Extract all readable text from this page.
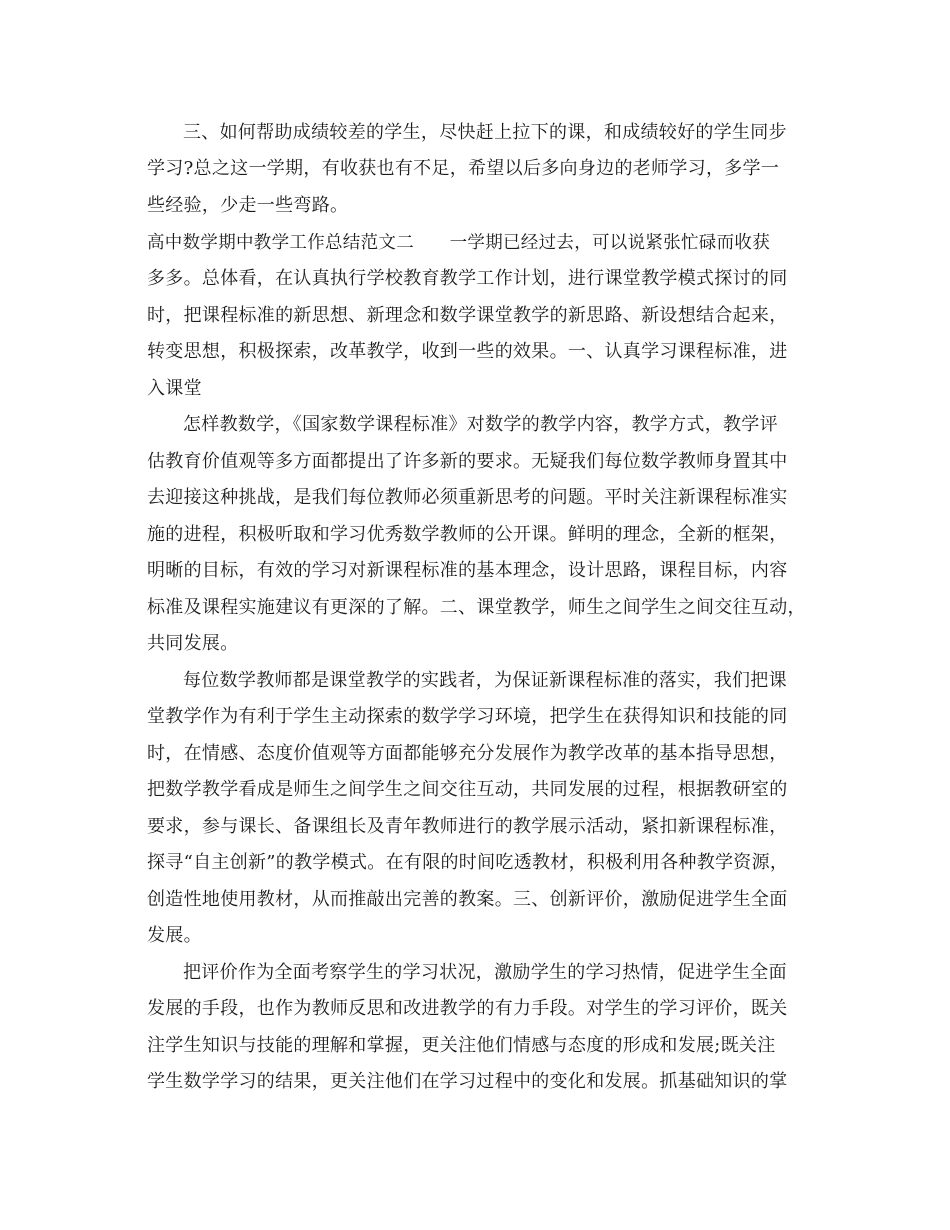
三、如何帮助成绩较差的学生，尽快赶上拉下的课，和成绩较好的学生同步
学习?总之这一学期，有收获也有不足，希望以后多向身边的老师学习，多学一
些经验，少走一些弯路。
高中数学期中教学工作总结范文二　　一学期已经过去，可以说紧张忙碌而收获
多多。总体看，在认真执行学校教育教学工作计划，进行课堂教学模式探讨的同
时，把课程标准的新思想、新理念和数学课堂教学的新思路、新设想结合起来，
转变思想，积极探索，改革教学，收到一些的效果。一、认真学习课程标准，进
入课堂
怎样教数学，《国家数学课程标准》对数学的教学内容，教学方式，教学评
估教育价值观等多方面都提出了许多新的要求。无疑我们每位数学教师身置其中
去迎接这种挑战，是我们每位教师必须重新思考的问题。平时关注新课程标准实
施的进程，积极听取和学习优秀数学教师的公开课。鲜明的理念，全新的框架，
明晰的目标，有效的学习对新课程标准的基本理念，设计思路，课程目标，内容
标准及课程实施建议有更深的了解。二、课堂教学，师生之间学生之间交往互动，
共同发展。
每位数学教师都是课堂教学的实践者，为保证新课程标准的落实，我们把课
堂教学作为有利于学生主动探索的数学学习环境，把学生在获得知识和技能的同
时，在情感、态度价值观等方面都能够充分发展作为教学改革的基本指导思想，
把数学教学看成是师生之间学生之间交往互动，共同发展的过程，根据教研室的
要求，参与课长、备课组长及青年教师进行的教学展示活动，紧扣新课程标准，
探寻“自主创新”的教学模式。在有限的时间吃透教材，积极利用各种教学资源，
创造性地使用教材，从而推敲出完善的教案。三、创新评价，激励促进学生全面
发展。
把评价作为全面考察学生的学习状况，激励学生的学习热情，促进学生全面
发展的手段，也作为教师反思和改进教学的有力手段。对学生的学习评价，既关
注学生知识与技能的理解和掌握，更关注他们情感与态度的形成和发展;既关注
学生数学学习的结果，更关注他们在学习过程中的变化和发展。抓基础知识的掌
